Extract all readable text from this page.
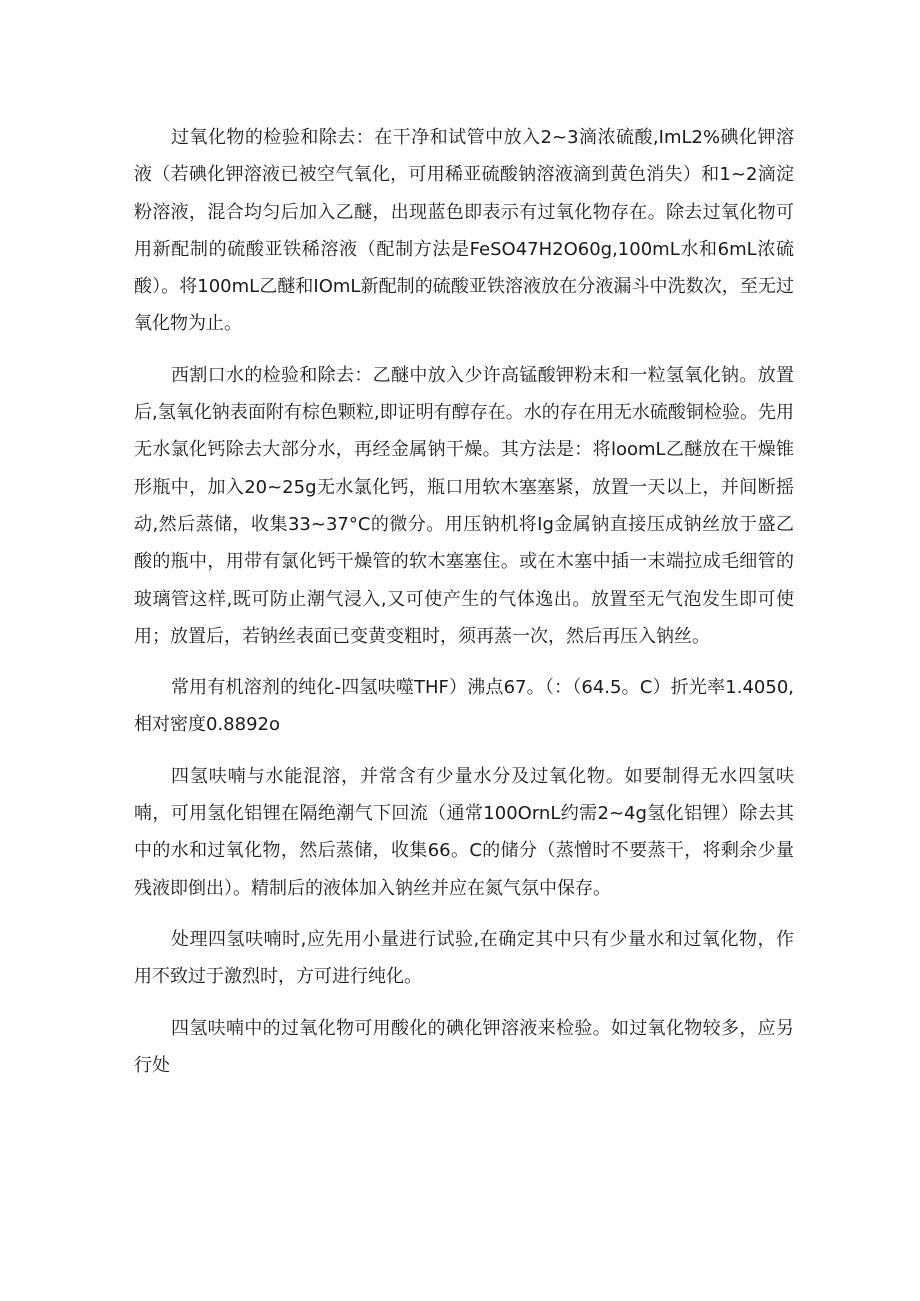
过氧化物的检验和除去：在干净和试管中放入2~3滴浓硫酸,ImL2%碘化钾溶液（若碘化钾溶液已被空气氧化，可用稀亚硫酸钠溶液滴到黄色消失）和1~2滴淀粉溶液，混合均匀后加入乙醚，出现蓝色即表示有过氧化物存在。除去过氧化物可用新配制的硫酸亚铁稀溶液（配制方法是FeSO47H2O60g,100mL水和6mL浓硫酸）。将100mL乙醚和IOmL新配制的硫酸亚铁溶液放在分液漏斗中洗数次，至无过氧化物为止。

西割口水的检验和除去：乙醚中放入少许高锰酸钾粉末和一粒氢氧化钠。放置后,氢氧化钠表面附有棕色颗粒,即证明有醇存在。水的存在用无水硫酸铜检验。先用无水氯化钙除去大部分水，再经金属钠干燥。其方法是：将loomL乙醚放在干燥锥形瓶中，加入20~25g无水氯化钙，瓶口用软木塞塞紧，放置一天以上，并间断摇动,然后蒸储，收集33~37°C的微分。用压钠机将Ig金属钠直接压成钠丝放于盛乙酸的瓶中，用带有氯化钙干燥管的软木塞塞住。或在木塞中插一末端拉成毛细管的玻璃管这样,既可防止潮气浸入,又可使产生的气体逸出。放置至无气泡发生即可使用；放置后，若钠丝表面已变黄变粗时，须再蒸一次，然后再压入钠丝。

常用有机溶剂的纯化-四氢呋噬THF）沸点67。（：（64.5。C）折光率1.4050,相对密度0.8892o

四氢呋喃与水能混溶，并常含有少量水分及过氧化物。如要制得无水四氢呋喃，可用氢化铝锂在隔绝潮气下回流（通常100OrnL约需2~4g氢化铝锂）除去其中的水和过氧化物，然后蒸储，收集66。C的储分（蒸憎时不要蒸干，将剩余少量残液即倒出）。精制后的液体加入钠丝并应在氮气氛中保存。

处理四氢呋喃时,应先用小量进行试验,在确定其中只有少量水和过氧化物，作用不致过于激烈时，方可进行纯化。

四氢呋喃中的过氧化物可用酸化的碘化钾溶液来检验。如过氧化物较多，应另行处
